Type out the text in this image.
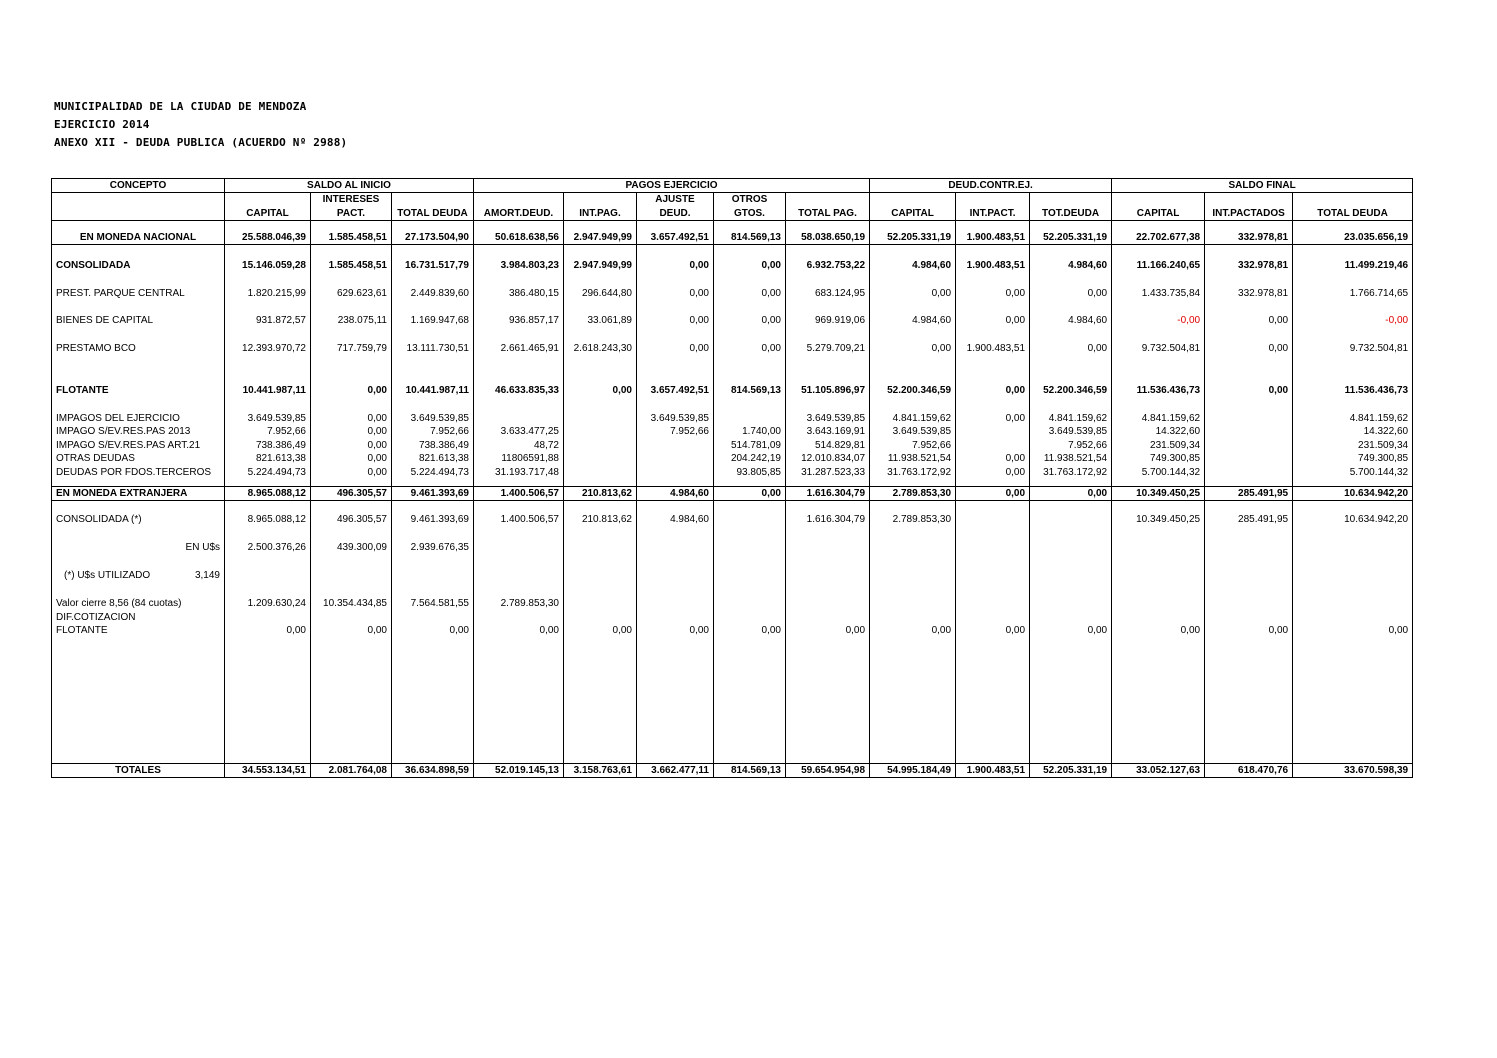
MUNICIPALIDAD DE LA CIUDAD DE MENDOZA
EJERCICIO 2014
ANEXO XII - DEUDA PUBLICA (ACUERDO Nº 2988)
CONCEPTO	SALDO AL INICIO			PAGOS EJERCICIO					DEUD.CONTR.EJ.			SALDO FINAL		
		INTERESES				AJUSTE	OTROS							
	CAPITAL	PACT.	TOTAL DEUDA	AMORT.DEUD.	INT.PAG.	DEUD.	GTOS.	TOTAL PAG.	CAPITAL	INT.PACT.	TOT.DEUDA	CAPITAL	INT.PACTADOS	TOTAL DEUDA

EN MONEDA NACIONAL	25.588.046,39	1.585.458,51	27.173.504,90	50.618.638,56	2.947.949,99	3.657.492,51	814.569,13	58.038.650,19	52.205.331,19	1.900.483,51	52.205.331,19	22.702.677,38	332.978,81	23.035.656,19

CONSOLIDADA	15.146.059,28	1.585.458,51	16.731.517,79	3.984.803,23	2.947.949,99	0,00	0,00	6.932.753,22	4.984,60	1.900.483,51	4.984,60	11.166.240,65	332.978,81	11.499.219,46

PREST. PARQUE CENTRAL	1.820.215,99	629.623,61	2.449.839,60	386.480,15	296.644,80	0,00	0,00	683.124,95	0,00	0,00	0,00	1.433.735,84	332.978,81	1.766.714,65

BIENES DE CAPITAL	931.872,57	238.075,11	1.169.947,68	936.857,17	33.061,89	0,00	0,00	969.919,06	4.984,60	0,00	4.984,60	-0,00	0,00	-0,00

PRESTAMO BCO	12.393.970,72	717.759,79	13.111.730,51	2.661.465,91	2.618.243,30	0,00	0,00	5.279.709,21	0,00	1.900.483,51	0,00	9.732.504,81	0,00	9.732.504,81

FLOTANTE	10.441.987,11	0,00	10.441.987,11	46.633.835,33	0,00	3.657.492,51	814.569,13	51.105.896,97	52.200.346,59	0,00	52.200.346,59	11.536.436,73	0,00	11.536.436,73

IMPAGOS DEL EJERCICIO	3.649.539,85	0,00	3.649.539,85			3.649.539,85		3.649.539,85	4.841.159,62	0,00	4.841.159,62	4.841.159,62		4.841.159,62
IMPAGO S/EV.RES.PAS 2013	7.952,66	0,00	7.952,66	3.633.477,25		7.952,66	1.740,00	3.643.169,91	3.649.539,85		3.649.539,85	14.322,60		14.322,60
IMPAGO S/EV.RES.PAS ART.21	738.386,49	0,00	738.386,49	48,72			514.781,09	514.829,81	7.952,66		7.952,66	231.509,34		231.509,34
OTRAS DEUDAS	821.613,38	0,00	821.613,38	11806591,88			204.242,19	12.010.834,07	11.938.521,54	0,00	11.938.521,54	749.300,85		749.300,85
DEUDAS POR FDOS.TERCEROS	5.224.494,73	0,00	5.224.494,73	31.193.717,48			93.805,85	31.287.523,33	31.763.172,92	0,00	31.763.172,92	5.700.144,32		5.700.144,32

EN MONEDA EXTRANJERA	8.965.088,12	496.305,57	9.461.393,69	1.400.506,57	210.813,62	4.984,60	0,00	1.616.304,79	2.789.853,30	0,00	0,00	10.349.450,25	285.491,95	10.634.942,20

CONSOLIDADA (*)	8.965.088,12	496.305,57	9.461.393,69	1.400.506,57	210.813,62	4.984,60		1.616.304,79	2.789.853,30			10.349.450,25	285.491,95	10.634.942,20

EN U$s	2.500.376,26	439.300,09	2.939.676,35											

(*) U$s UTILIZADO 3,149														

Valor cierre 8,56 (84 cuotas)	1.209.630,24	10.354.434,85	7.564.581,55	2.789.853,30										
DIF.COTIZACION														
FLOTANTE	0,00	0,00	0,00	0,00	0,00	0,00	0,00	0,00	0,00	0,00	0,00	0,00	0,00	0,00

TOTALES	34.553.134,51	2.081.764,08	36.634.898,59	52.019.145,13	3.158.763,61	3.662.477,11	814.569,13	59.654.954,98	54.995.184,49	1.900.483,51	52.205.331,19	33.052.127,63	618.470,76	33.670.598,39
